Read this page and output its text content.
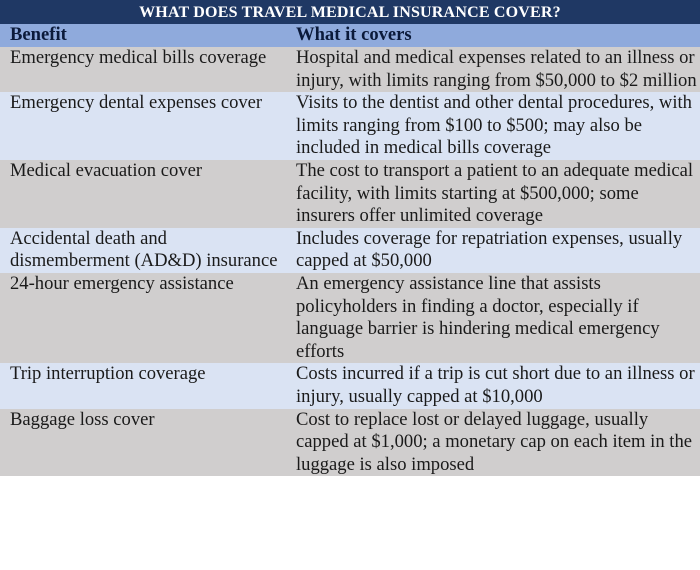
WHAT DOES TRAVEL MEDICAL INSURANCE COVER?
Benefit	What it covers
Emergency medical bills coverage	Hospital and medical expenses related to an illness or injury, with limits ranging from $50,000 to $2 million
Emergency dental expenses cover	Visits to the dentist and other dental procedures, with limits ranging from $100 to $500; may also be included in medical bills coverage
Medical evacuation cover	The cost to transport a patient to an adequate medical facility, with limits starting at $500,000; some insurers offer unlimited coverage
Accidental death and dismemberment (AD&D) insurance	Includes coverage for repatriation expenses, usually capped at $50,000
24-hour emergency assistance	An emergency assistance line that assists policyholders in finding a doctor, especially if language barrier is hindering medical emergency efforts
Trip interruption coverage	Costs incurred if a trip is cut short due to an illness or injury, usually capped at $10,000
Baggage loss cover	Cost to replace lost or delayed luggage, usually capped at $1,000; a monetary cap on each item in the luggage is also imposed
